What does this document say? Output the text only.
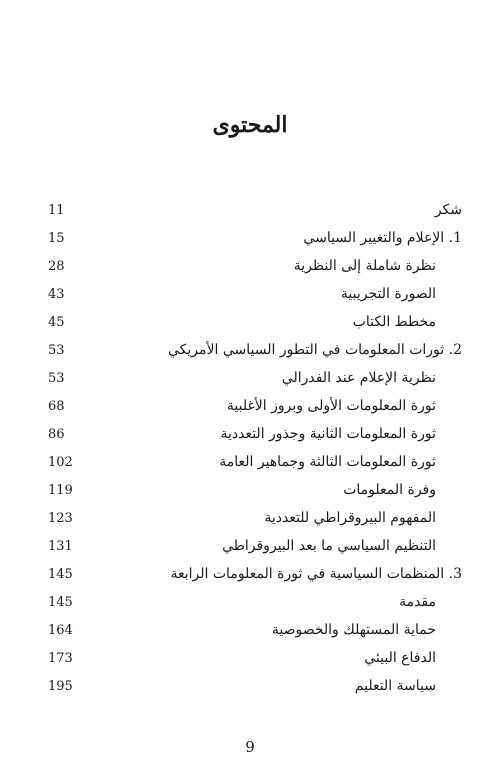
المحتوى
شكر
11
1. الإعلام والتغيير السياسي
15
نظرة شاملة إلى النظرية
28
الصورة التجريبية
43
مخطط الكتاب
45
2. ثورات المعلومات في التطور السياسي الأمريكي
53
نظرية الإعلام عند الفدرالي
53
ثورة المعلومات الأولى وبروز الأغلبية
68
ثورة المعلومات الثانية وجذور التعددية
86
ثورة المعلومات الثالثة وجماهير العامة
102
وفرة المعلومات
119
المفهوم البيروقراطي للتعددية
123
التنظيم السياسي ما بعد البيروقراطي
131
3. المنظمات السياسية في ثورة المعلومات الرابعة
145
مقدمة
145
حماية المستهلك والخصوصية
164
الدفاع البيئي
173
سياسة التعليم
195
9
